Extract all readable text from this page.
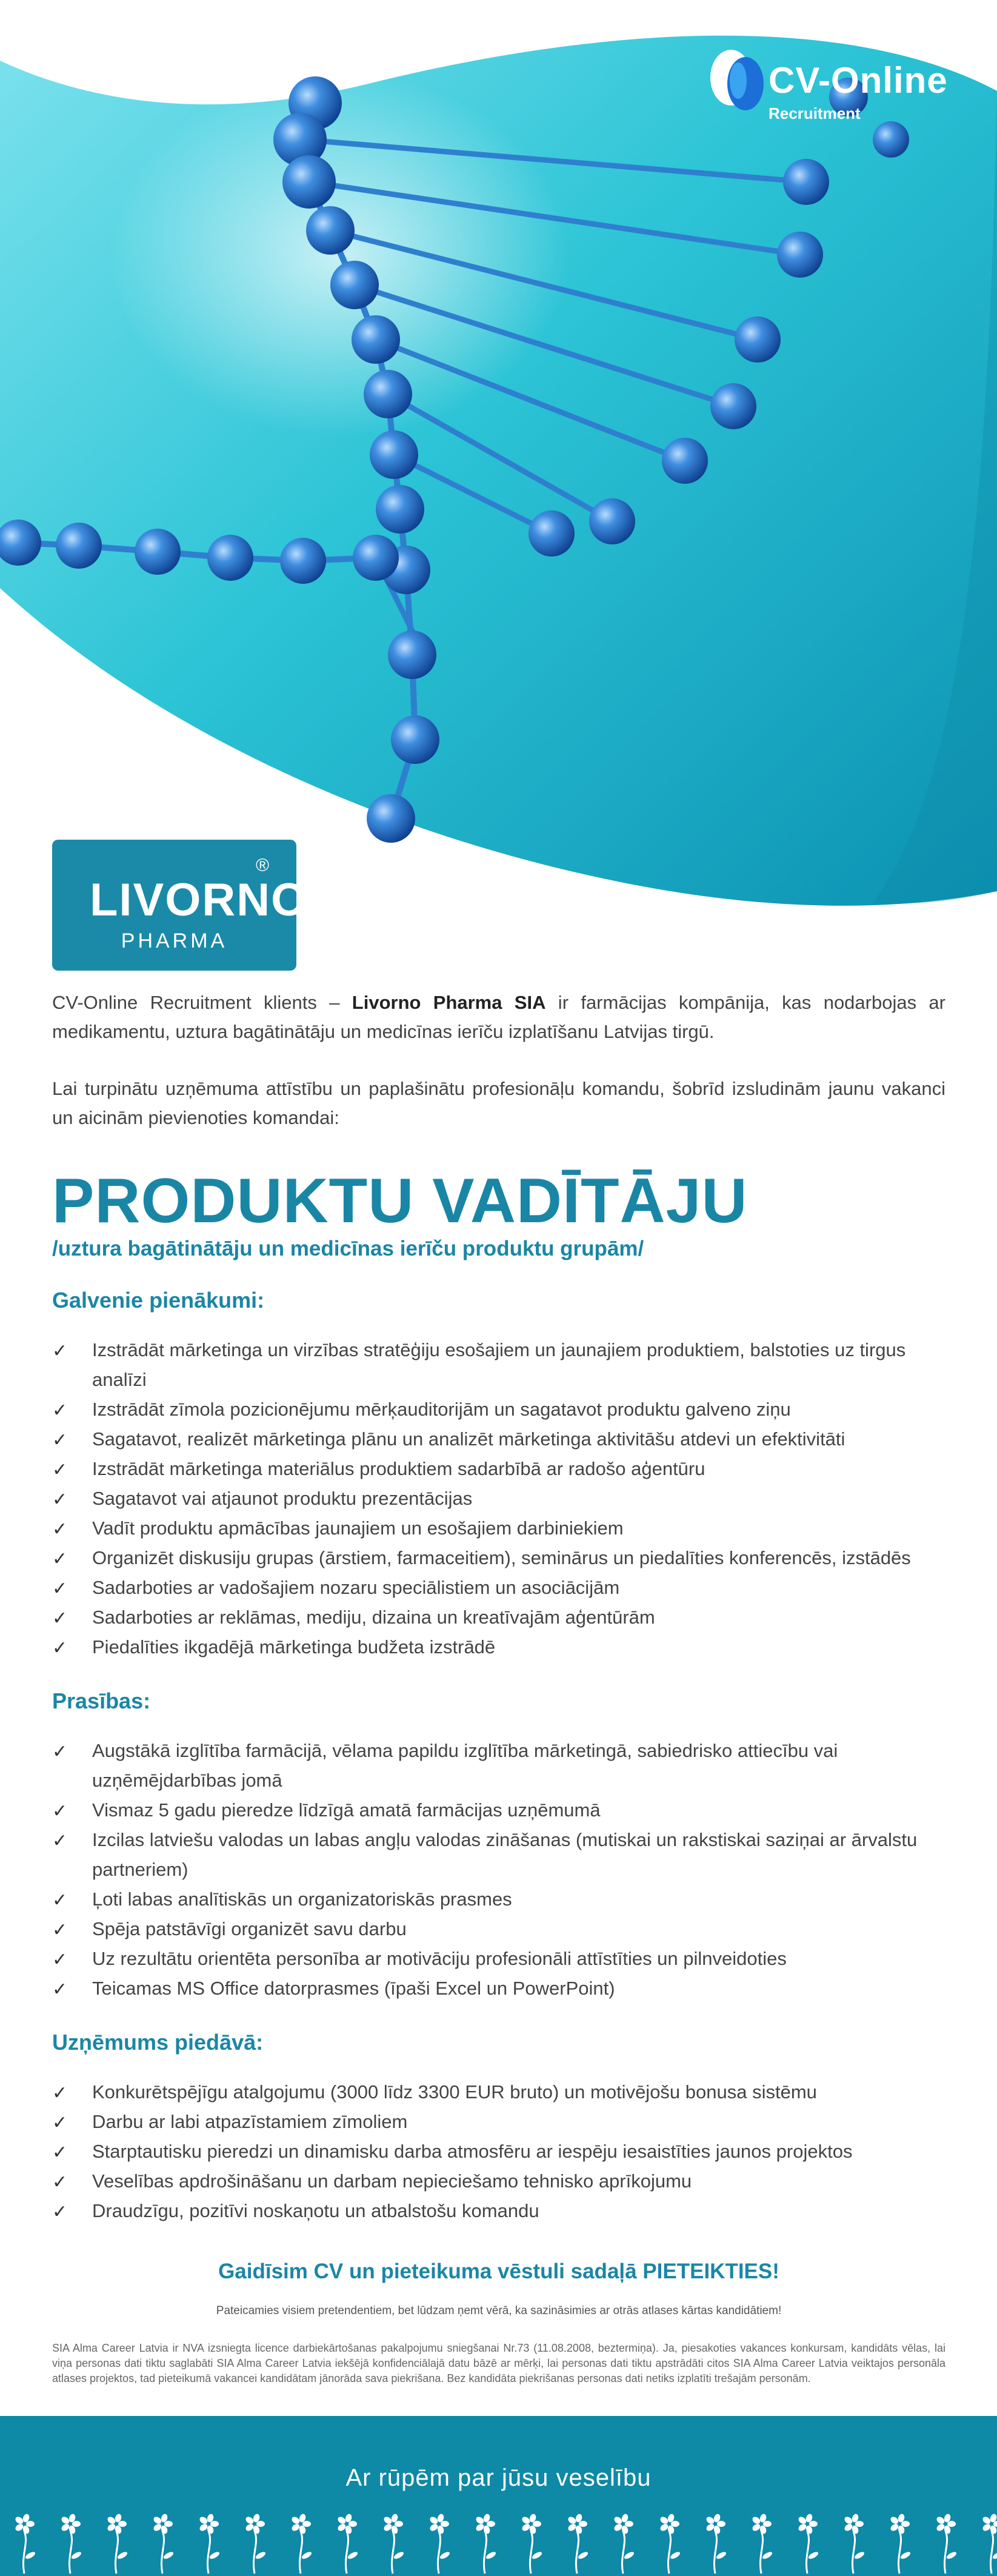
CV-Online
Recruitment
LIVORNO
®
PHARMA

CV-Online Recruitment klients – Livorno Pharma SIA ir farmācijas kompānija, kas nodarbojas ar medikamentu, uztura bagātinātāju un medicīnas ierīču izplatīšanu Latvijas tirgū.

Lai turpinātu uzņēmuma attīstību un paplašinātu profesionāļu komandu, šobrīd izsludinām jaunu vakanci un aicinām pievienoties komandai:

PRODUKTU VADĪTĀJU
/uztura bagātinātāju un medicīnas ierīču produktu grupām/
Galvenie pienākumi:
✓ Izstrādāt mārketinga un virzības stratēģiju esošajiem un jaunajiem produktiem, balstoties uz tirgus analīzi
✓ Izstrādāt zīmola pozicionējumu mērķauditorijām un sagatavot produktu galveno ziņu
✓ Sagatavot, realizēt mārketinga plānu un analizēt mārketinga aktivitāšu atdevi un efektivitāti
✓ Izstrādāt mārketinga materiālus produktiem sadarbībā ar radošo aģentūru
✓ Sagatavot vai atjaunot produktu prezentācijas
✓ Vadīt produktu apmācības jaunajiem un esošajiem darbiniekiem
✓ Organizēt diskusiju grupas (ārstiem, farmaceitiem), seminārus un piedalīties konferencēs, izstādēs
✓ Sadarboties ar vadošajiem nozaru speciālistiem un asociācijām
✓ Sadarboties ar reklāmas, mediju, dizaina un kreatīvajām aģentūrām
✓ Piedalīties ikgadējā mārketinga budžeta izstrādē
Prasības:
✓ Augstākā izglītība farmācijā, vēlama papildu izglītība mārketingā, sabiedrisko attiecību vai uzņēmējdarbības jomā
✓ Vismaz 5 gadu pieredze līdzīgā amatā farmācijas uzņēmumā
✓ Izcilas latviešu valodas un labas angļu valodas zināšanas (mutiskai un rakstiskai saziņai ar ārvalstu partneriem)
✓ Ļoti labas analītiskās un organizatoriskās prasmes
✓ Spēja patstāvīgi organizēt savu darbu
✓ Uz rezultātu orientēta personība ar motivāciju profesionāli attīstīties un pilnveidoties
✓ Teicamas MS Office datorprasmes (īpaši Excel un PowerPoint)
Uzņēmums piedāvā:
✓ Konkurētspējīgu atalgojumu (3000 līdz 3300 EUR bruto) un motivējošu bonusa sistēmu
✓ Darbu ar labi atpazīstamiem zīmoliem
✓ Starptautisku pieredzi un dinamisku darba atmosfēru ar iespēju iesaistīties jaunos projektos
✓ Veselības apdrošināšanu un darbam nepieciešamo tehnisko aprīkojumu
✓ Draudzīgu, pozitīvi noskaņotu un atbalstošu komandu
Gaidīsim CV un pieteikuma vēstuli sadaļā PIETEIKTIES!
Pateicamies visiem pretendentiem, bet lūdzam ņemt vērā, ka sazināsimies ar otrās atlases kārtas kandidātiem!
SIA Alma Career Latvia ir NVA izsniegta licence darbiekārtošanas pakalpojumu sniegšanai Nr.73 (11.08.2008, beztermiņa). Ja, piesakoties vakances konkursam, kandidāts vēlas, lai viņa personas dati tiktu saglabāti SIA Alma Career Latvia iekšējā konfidenciālajā datu bāzē ar mērķi, lai personas dati tiktu apstrādāti citos SIA Alma Career Latvia veiktajos personāla atlases projektos, tad pieteikumā vakancei kandidātam jānorāda sava piekrišana. Bez kandidāta piekrišanas personas dati netiks izplatīti trešajām personām.
Ar rūpēm par jūsu veselību
